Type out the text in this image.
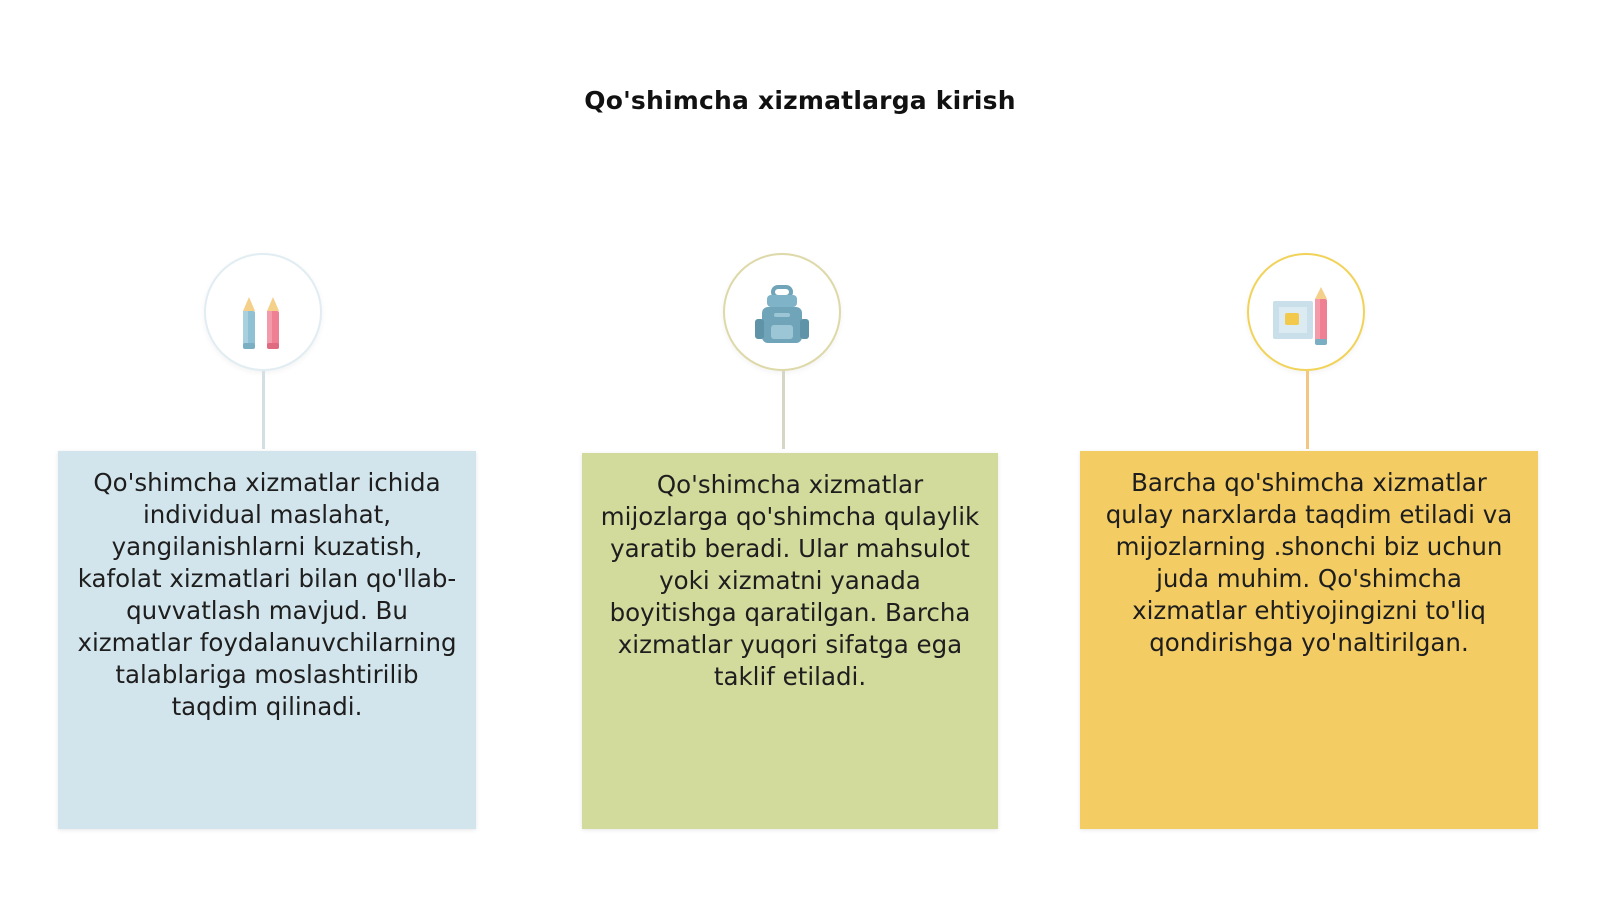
Qo'shimcha xizmatlarga kirish
Qo'shimcha xizmatlar ichida individual maslahat, yangilanishlarni kuzatish, kafolat xizmatlari bilan qo'llab-quvvatlash mavjud. Bu xizmatlar foydalanuvchilarning talablariga moslashtirilib taqdim qilinadi.
Qo'shimcha xizmatlar mijozlarga qo'shimcha qulaylik yaratib beradi. Ular mahsulot yoki xizmatni yanada boyitishga qaratilgan. Barcha xizmatlar yuqori sifatga ega taklif etiladi.
Barcha qo'shimcha xizmatlar qulay narxlarda taqdim etiladi va mijozlarning .shonchi biz uchun juda muhim. Qo'shimcha xizmatlar ehtiyojingizni to'liq qondirishga yo'naltirilgan.
